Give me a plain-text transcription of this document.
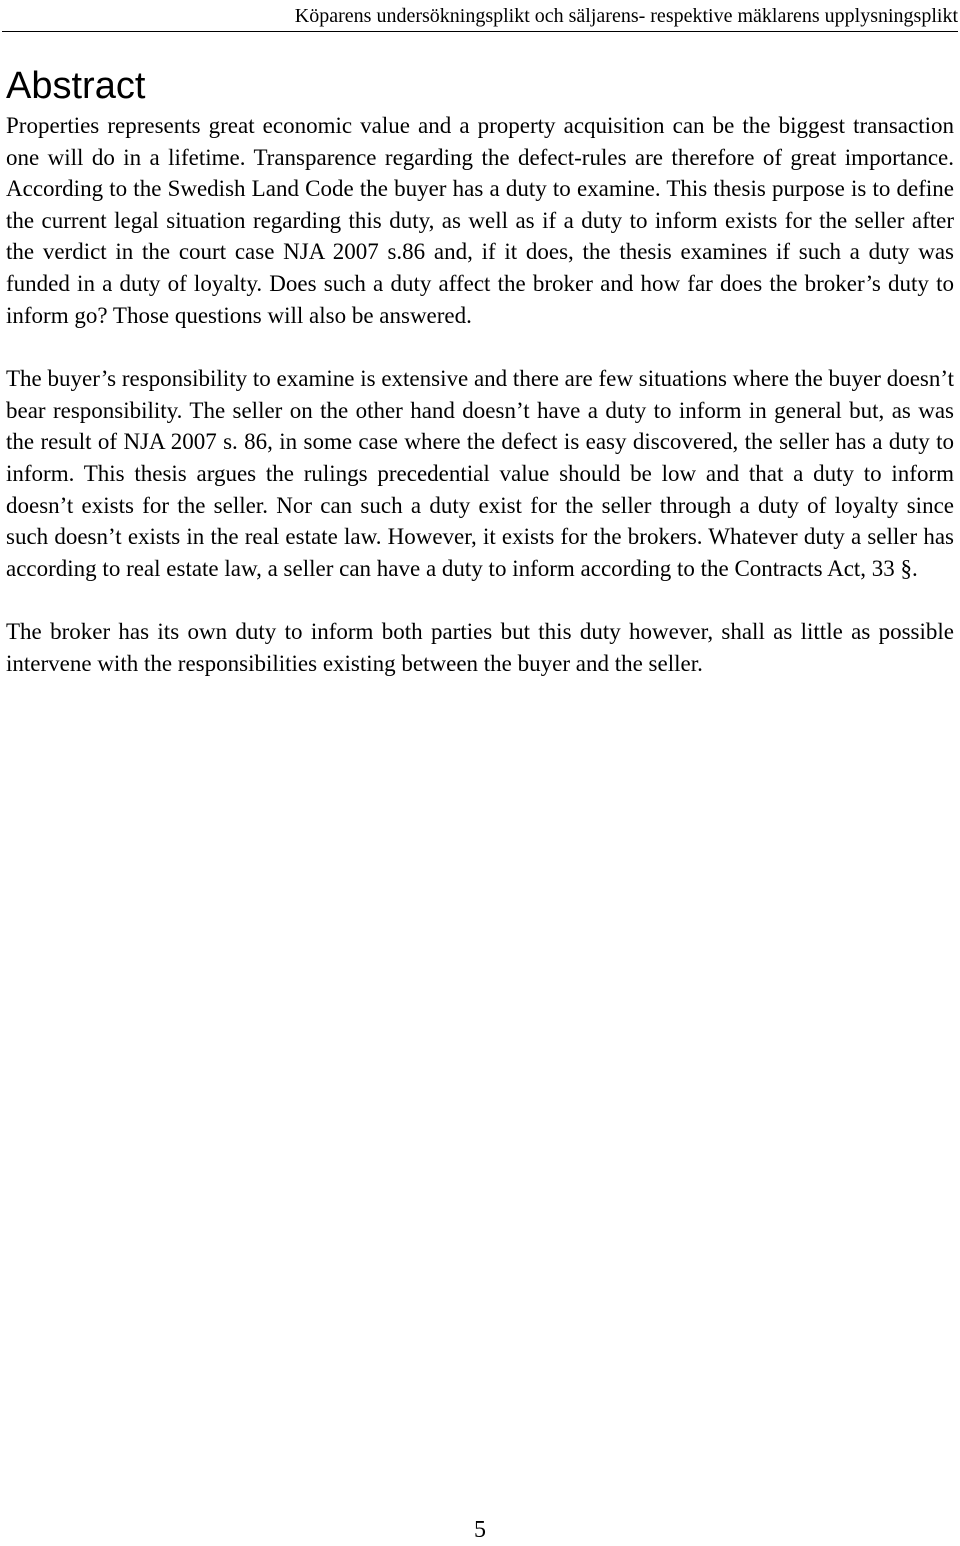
Köparens undersökningsplikt och säljarens- respektive mäklarens upplysningsplikt
Abstract

Properties represents great economic value and a property acquisition can be the biggest transaction one will do in a lifetime. Transparence regarding the defect-rules are therefore of great importance. According to the Swedish Land Code the buyer has a duty to examine. This thesis purpose is to define the current legal situation regarding this duty, as well as if a duty to inform exists for the seller after the verdict in the court case NJA 2007 s.86 and, if it does, the thesis examines if such a duty was funded in a duty of loyalty. Does such a duty affect the broker and how far does the broker’s duty to inform go? Those questions will also be answered.

The buyer’s responsibility to examine is extensive and there are few situations where the buyer doesn’t bear responsibility. The seller on the other hand doesn’t have a duty to inform in general but, as was the result of NJA 2007 s. 86, in some case where the defect is easy discovered, the seller has a duty to inform. This thesis argues the rulings precedential value should be low and that a duty to inform doesn’t exists for the seller. Nor can such a duty exist for the seller through a duty of loyalty since such doesn’t exists in the real estate law. However, it exists for the brokers. Whatever duty a seller has according to real estate law, a seller can have a duty to inform according to the Contracts Act, 33 §.

The broker has its own duty to inform both parties but this duty however, shall as little as possible intervene with the responsibilities existing between the buyer and the seller.

5
